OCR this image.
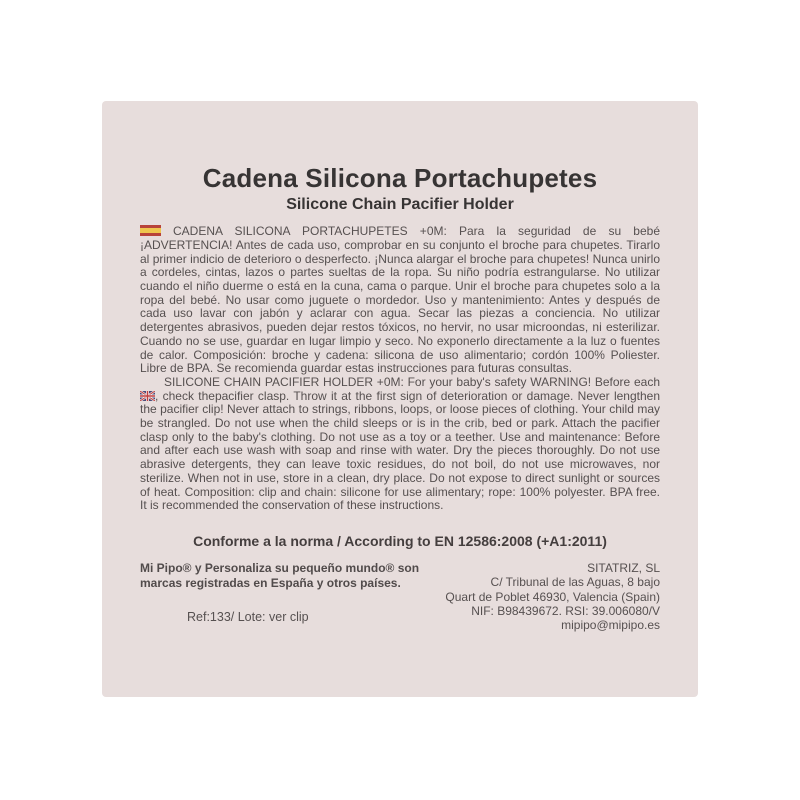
Cadena Silicona Portachupetes
Silicone Chain Pacifier Holder

CADENA SILICONA PORTACHUPETES +0M: Para la seguridad de su bebé ¡ADVERTENCIA! Antes de cada uso, comprobar en su conjunto el broche para chupetes. Tirarlo al primer indicio de deterioro o desperfecto. ¡Nunca alargar el broche para chupetes! Nunca unirlo a cordeles, cintas, lazos o partes sueltas de la ropa. Su niño podría estrangularse. No utilizar cuando el niño duerme o está en la cuna, cama o parque. Unir el broche para chupetes solo a la ropa del bebé. No usar como juguete o mordedor. Uso y mantenimiento: Antes y después de cada uso lavar con jabón y aclarar con agua. Secar las piezas a conciencia. No utilizar detergentes abrasivos, pueden dejar restos tóxicos, no hervir, no usar microondas, ni esterilizar. Cuando no se use, guardar en lugar limpio y seco. No exponerlo directamente a la luz o fuentes de calor. Composición: broche y cadena: silicona de uso alimentario; cordón 100% Poliester. Libre de BPA. Se recomienda guardar estas instrucciones para futuras consultas.

SILICONE CHAIN PACIFIER HOLDER +0M: For your baby's safety WARNING! Before each
, check thepacifier clasp. Throw it at the first sign of deterioration or damage. Never lengthen the pacifier clip! Never attach to strings, ribbons, loops, or loose pieces of clothing. Your child may be strangled. Do not use when the child sleeps or is in the crib, bed or park. Attach the pacifier clasp only to the baby's clothing. Do not use as a toy or a teether. Use and maintenance: Before and after each use wash with soap and rinse with water. Dry the pieces thoroughly. Do not use abrasive detergents, they can leave toxic residues, do not boil, do not use microwaves, nor sterilize. When not in use, store in a clean, dry place. Do not expose to direct sunlight or sources of heat. Composition: clip and chain: silicone for use alimentary; rope: 100% polyester. BPA free. It is recommended the conservation of these instructions.

Conforme a la norma / According to EN 12586:2008 (+A1:2011)
Mi Pipo® y Personaliza su pequeño mundo® son marcas registradas en España y otros países.
Ref:133/ Lote: ver clip
SITATRIZ, SL
C/ Tribunal de las Aguas, 8 bajo
Quart de Poblet 46930, Valencia (Spain)
NIF: B98439672. RSI: 39.006080/V
mipipo@mipipo.es
